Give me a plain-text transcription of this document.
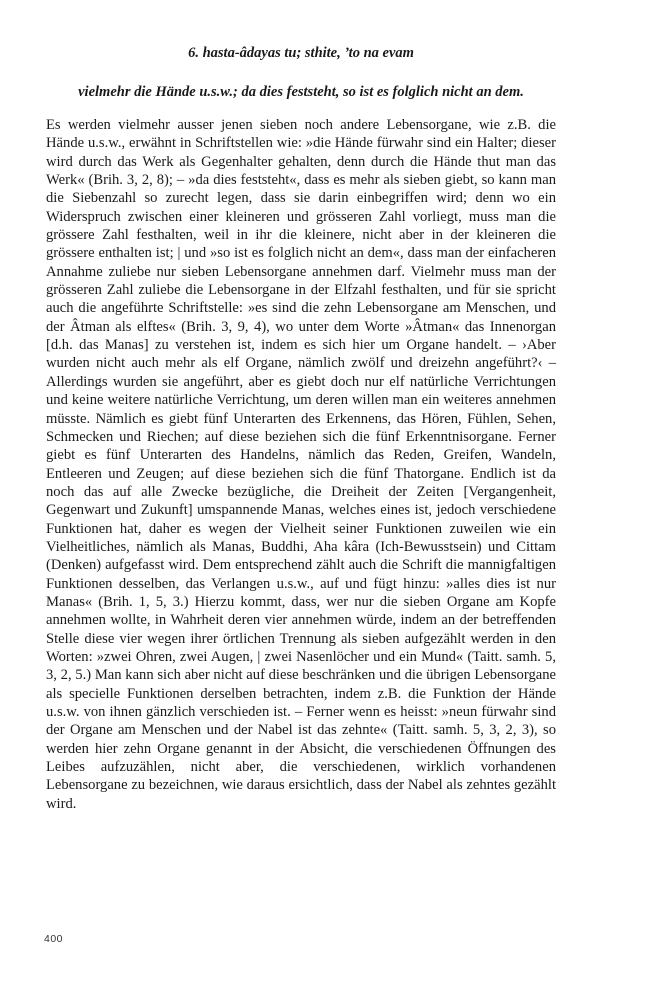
6. hasta-âdayas tu; sthite, ’to na evam
vielmehr die Hände u.s.w.; da dies feststeht, so ist es folglich nicht an dem.

Es werden vielmehr ausser jenen sieben noch andere Lebensorgane, wie z.B. die Hände u.s.w., erwähnt in Schriftstellen wie: »die Hände fürwahr sind ein Halter; dieser wird durch das Werk als Gegenhalter gehalten, denn durch die Hände thut man das Werk« (Brih. 3, 2, 8); – »da dies feststeht«, dass es mehr als sieben giebt, so kann man die Siebenzahl so zurecht legen, dass sie darin einbegriffen wird; denn wo ein Widerspruch zwischen einer kleineren und grösseren Zahl vorliegt, muss man die grössere Zahl festhalten, weil in ihr die kleinere, nicht aber in der kleineren die grössere enthalten ist; | und »so ist es folglich nicht an dem«, dass man der einfacheren Annahme zuliebe nur sieben Lebensorgane annehmen darf. Vielmehr muss man der grösseren Zahl zuliebe die Lebensorgane in der Elfzahl festhalten, und für sie spricht auch die angeführte Schriftstelle: »es sind die zehn Lebensorgane am Menschen, und der Âtman als elftes« (Brih. 3, 9, 4), wo unter dem Worte »Âtman« das Innenorgan [d.h. das Manas] zu verstehen ist, indem es sich hier um Organe handelt. – ›Aber wurden nicht auch mehr als elf Organe, nämlich zwölf und dreizehn angeführt?‹ – Allerdings wurden sie angeführt, aber es giebt doch nur elf natürliche Verrichtungen und keine weitere natürliche Verrichtung, um deren willen man ein weiteres annehmen müsste. Nämlich es giebt fünf Unterarten des Erkennens, das Hören, Fühlen, Sehen, Schmecken und Riechen; auf diese beziehen sich die fünf Erkenntnisorgane. Ferner giebt es fünf Unterarten des Handelns, nämlich das Reden, Greifen, Wandeln, Entleeren und Zeugen; auf diese beziehen sich die fünf Thatorgane. Endlich ist da noch das auf alle Zwecke bezügliche, die Dreiheit der Zeiten [Vergangenheit, Gegenwart und Zukunft] umspannende Manas, welches eines ist, jedoch verschiedene Funktionen hat, daher es wegen der Vielheit seiner Funktionen zuweilen wie ein Vielheitliches, nämlich als Manas, Buddhi, Aha kâra (Ich-Bewusstsein) und Cittam (Denken) aufgefasst wird. Dem entsprechend zählt auch die Schrift die mannigfaltigen Funktionen desselben, das Verlangen u.s.w., auf und fügt hinzu: »alles dies ist nur Manas« (Brih. 1, 5, 3.) Hierzu kommt, dass, wer nur die sieben Organe am Kopfe annehmen wollte, in Wahrheit deren vier annehmen würde, indem an der betreffenden Stelle diese vier wegen ihrer örtlichen Trennung als sieben aufgezählt werden in den Worten: »zwei Ohren, zwei Augen, | zwei Nasenlöcher und ein Mund« (Taitt. samh. 5, 3, 2, 5.) Man kann sich aber nicht auf diese beschränken und die übrigen Lebensorgane als specielle Funktionen derselben betrachten, indem z.B. die Funktion der Hände u.s.w. von ihnen gänzlich verschieden ist. – Ferner wenn es heisst: »neun fürwahr sind der Organe am Menschen und der Nabel ist das zehnte« (Taitt. samh. 5, 3, 2, 3), so werden hier zehn Organe genannt in der Absicht, die verschiedenen Öffnungen des Leibes aufzuzählen, nicht aber, die verschiedenen, wirklich vorhandenen Lebensorgane zu bezeichnen, wie daraus ersichtlich, dass der Nabel als zehntes gezählt wird.

400
